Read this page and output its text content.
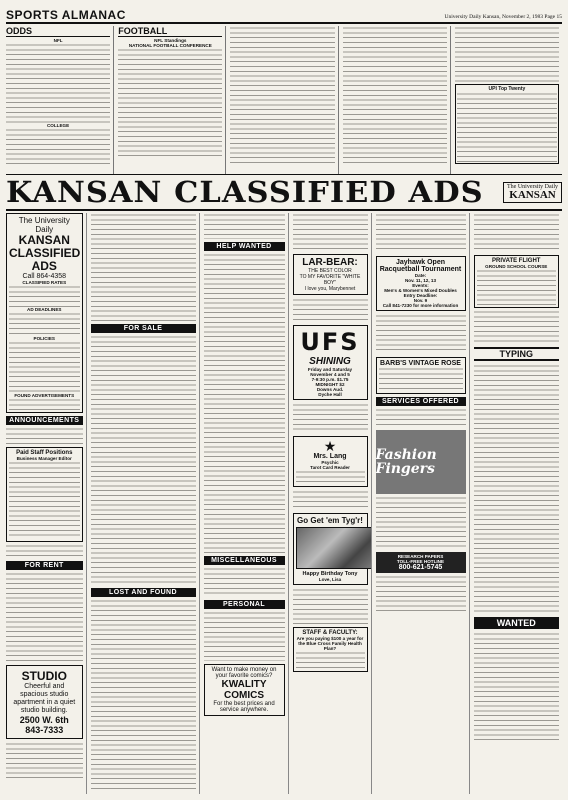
SPORTS ALMANAC	University Daily Kansan, November 2, 1983 Page 15
ODDS
NFL
COLLEGE
FOOTBALL
NFL Standings
NATIONAL FOOTBALL CONFERENCE
UPI Top Twenty
KANSAN CLASSIFIED ADS	The University Daily
KANSAN
The University Daily
KANSAN CLASSIFIED ADS
Call 864-4358
CLASSIFIED RATES
AD DEADLINES
POLICIES
FOUND ADVERTISEMENTS
ANNOUNCEMENTS
Paid Staff Positions
Business Manager Editor
FOR RENT
STUDIO
Cheerful and spacious studio apartment in a quiet studio building.
2500 W. 6th
843-7333
FOR SALE
LOST AND FOUND
HELP WANTED
MISCELLANEOUS
PERSONAL
Want to make money on your favorite comics?
KWALITY COMICS
For the best prices and service anywhere.
LAR-BEAR:
THE BEST COLOR
TO MY FAVORITE "WHITE BOY"
I love you, Marybennet
UFS
SHINING
Friday and Saturday
November 4 and 5
7-9:30 p.m. $1.75
MIDNIGHT $2
Downs Aud.
Dyche Hall
★
Mrs. Lang
Psychic
Tarot Card Reader
Go Get 'em Tyg'r!
Happy Birthday Tony
Love, Lisa
STAFF & FACULTY:
Are you paying $100 a year for the Blue Cross Family Health Plan?
Jayhawk Open Racquetball Tournament
Date:
Nov. 11, 12, 13
Events:
Men's & Women's Mixed Doubles
Entry Deadline:
Nov. 9
Call 841-7230 for more information
BARB'S VINTAGE ROSE
SERVICES OFFERED
Fashion Fingers
RESEARCH PAPERS
TOLL-FREE HOTLINE
800-621-5745
PRIVATE FLIGHT
GROUND SCHOOL COURSE
TYPING
WANTED
